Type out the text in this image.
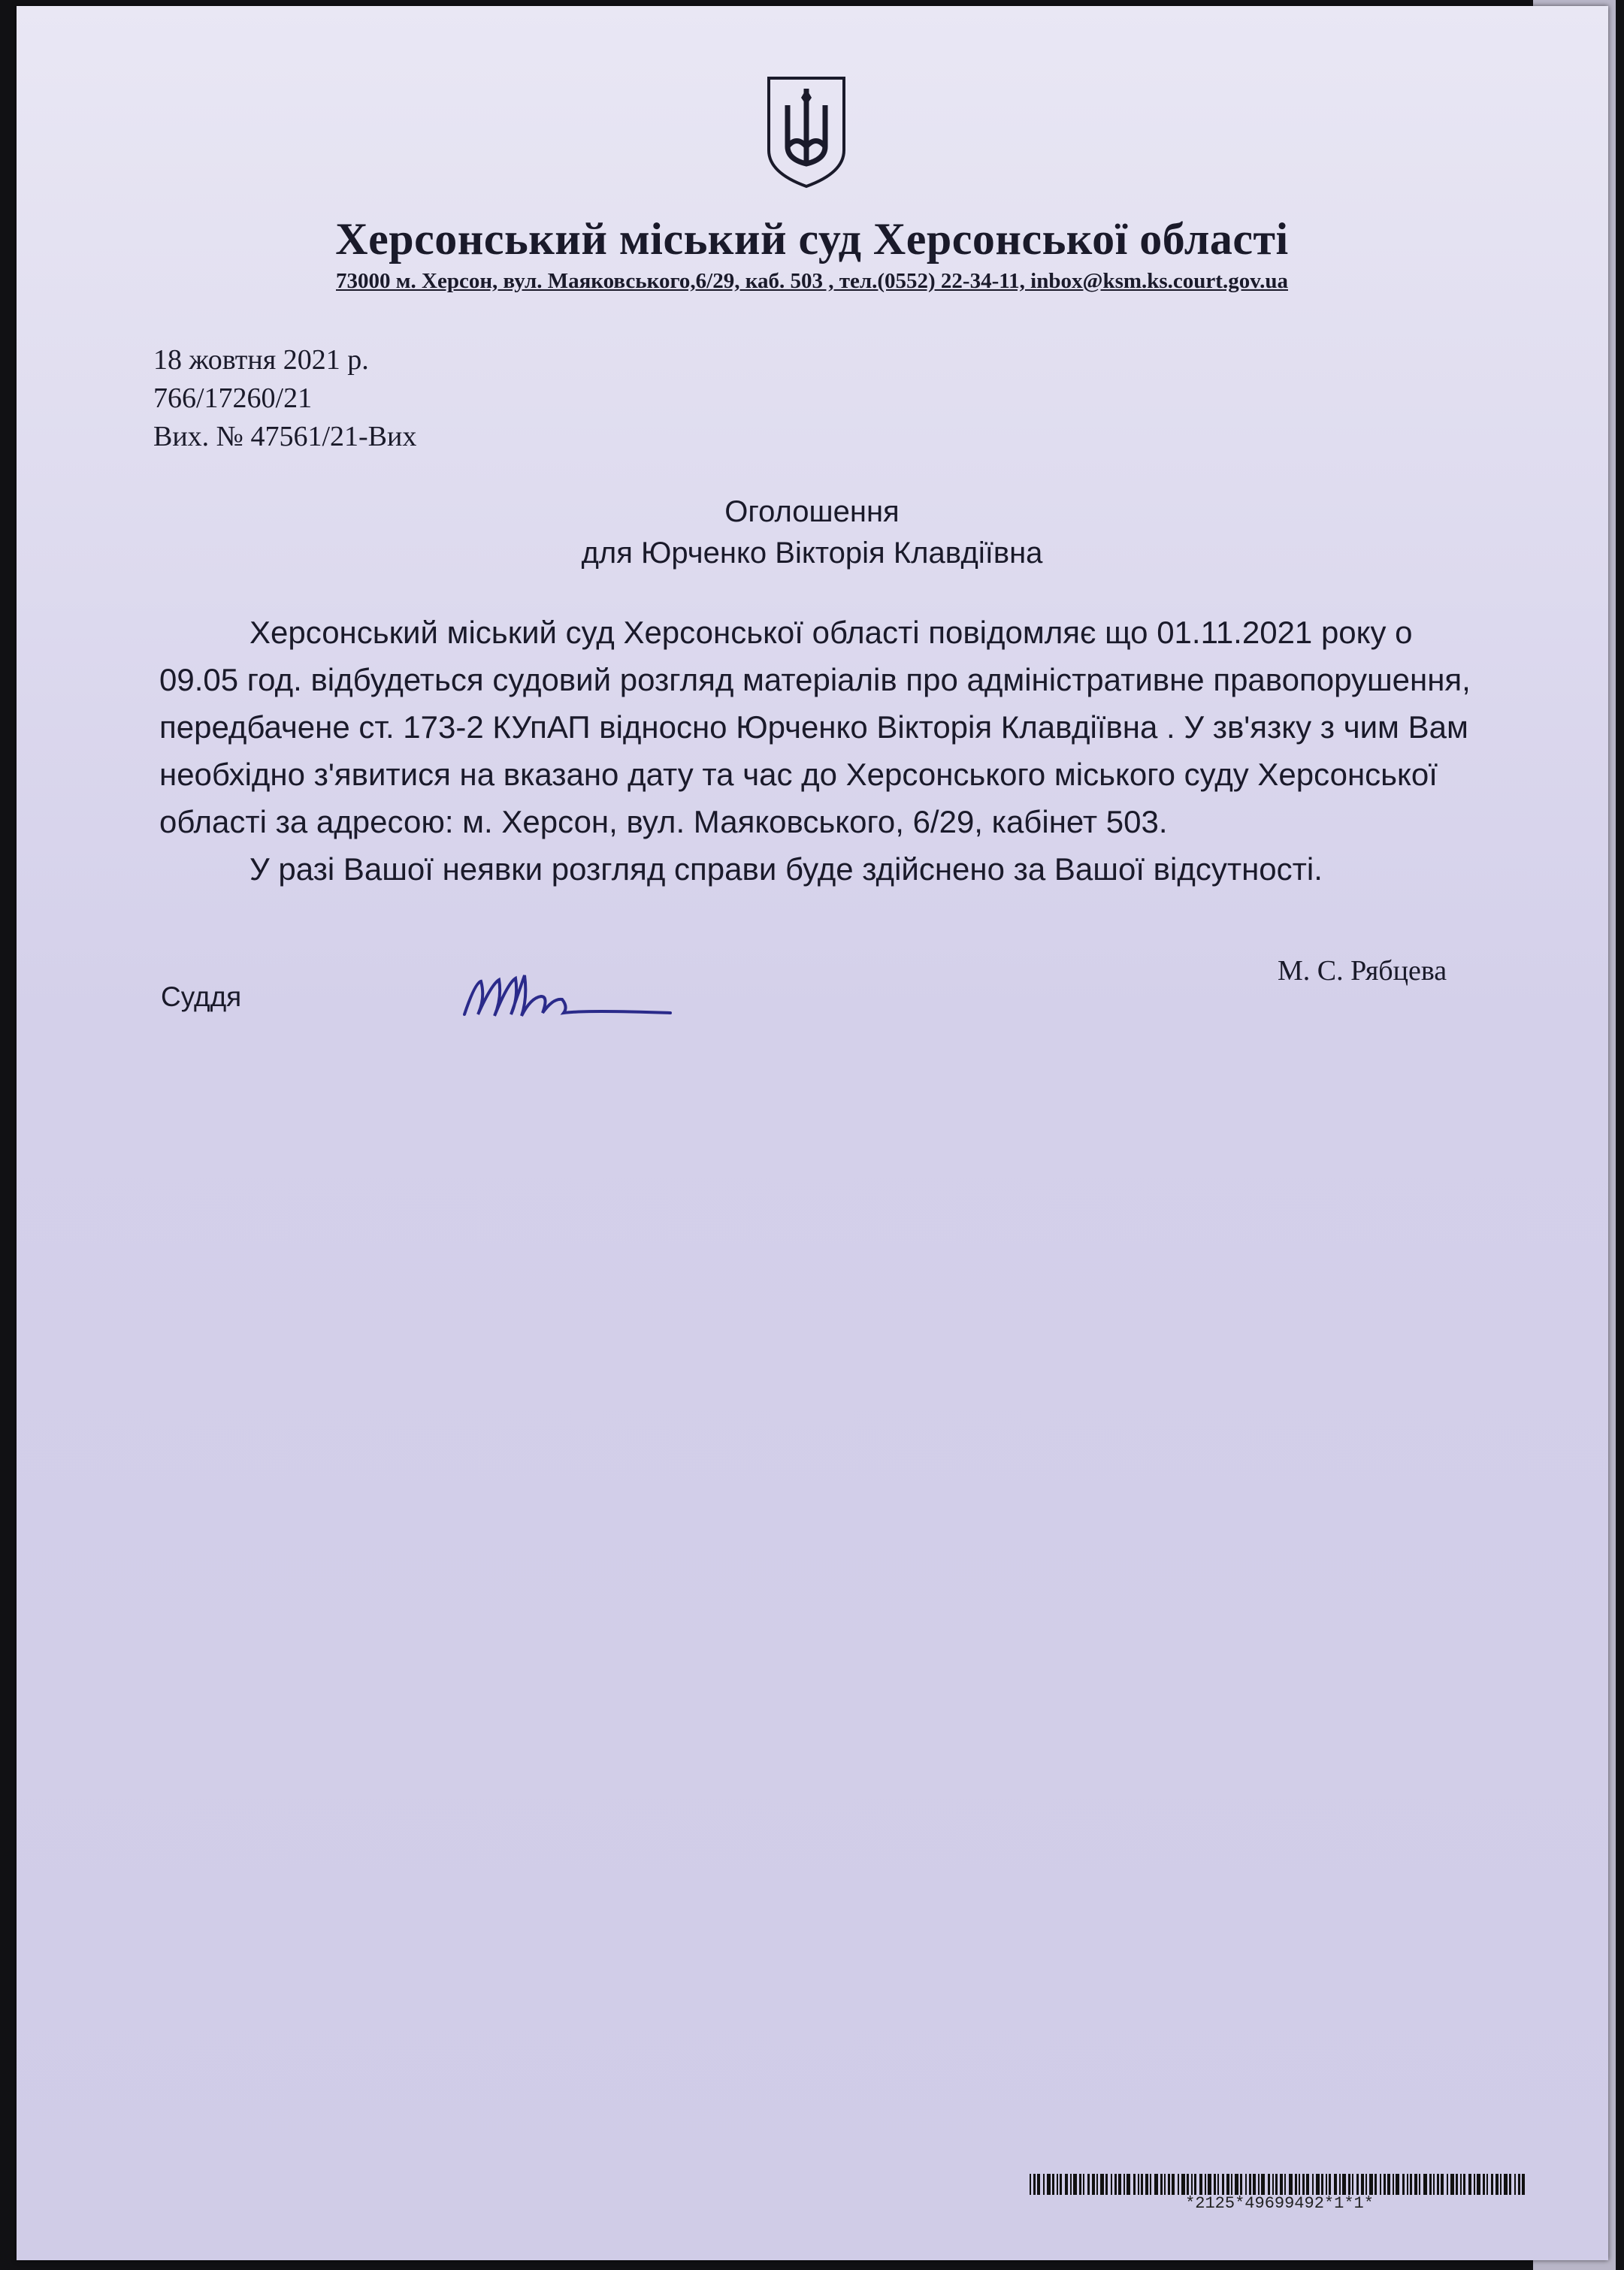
Херсонський міський суд Херсонської області
73000 м. Херсон, вул. Маяковського,6/29, каб. 503 , тел.(0552) 22-34-11, inbox@ksm.ks.court.gov.ua
18 жовтня 2021 р.
766/17260/21
Вих. № 47561/21-Вих
Оголошення
для Юрченко Вікторія Клавдіївна

Херсонський міський суд Херсонської області повідомляє що 01.11.2021 року о 09.05 год. відбудеться судовий розгляд матеріалів про адміністративне правопорушення, передбачене ст. 173-2 КУпАП відносно Юрченко Вікторія Клавдіївна . У зв'язку з чим Вам необхідно з'явитися на вказано дату та час до Херсонського міського суду Херсонської області за адресою: м. Херсон, вул. Маяковського, 6/29, кабінет 503.

У разі Вашої неявки розгляд справи буде здійснено за Вашої відсутності.

Суддя
М. С. Рябцева
*2125*49699492*1*1*
